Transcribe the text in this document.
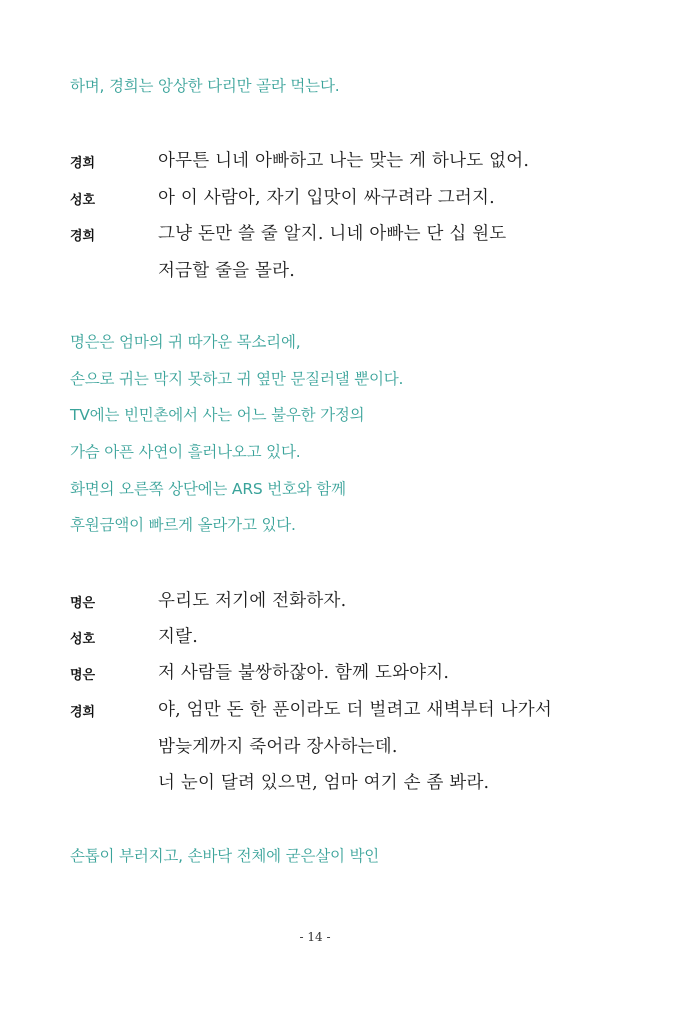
하며, 경희는 앙상한 다리만 골라 먹는다.
경희	아무튼 니네 아빠하고 나는 맞는 게 하나도 없어.
성호	아 이 사람아, 자기 입맛이 싸구려라 그러지.
경희	그냥 돈만 쓸 줄 알지. 니네 아빠는 단 십 원도
저금할 줄을 몰라.
명은은 엄마의 귀 따가운 목소리에,
손으로 귀는 막지 못하고 귀 옆만 문질러댈 뿐이다.
TV에는 빈민촌에서 사는 어느 불우한 가정의
가슴 아픈 사연이 흘러나오고 있다.
화면의 오른쪽 상단에는 ARS 번호와 함께
후원금액이 빠르게 올라가고 있다.
명은	우리도 저기에 전화하자.
성호	지랄.
명은	저 사람들 불쌍하잖아. 함께 도와야지.
경희	야, 엄만 돈 한 푼이라도 더 벌려고 새벽부터 나가서
밤늦게까지 죽어라 장사하는데.
너 눈이 달려 있으면, 엄마 여기 손 좀 봐라.
손톱이 부러지고, 손바닥 전체에 굳은살이 박인
- 14 -
